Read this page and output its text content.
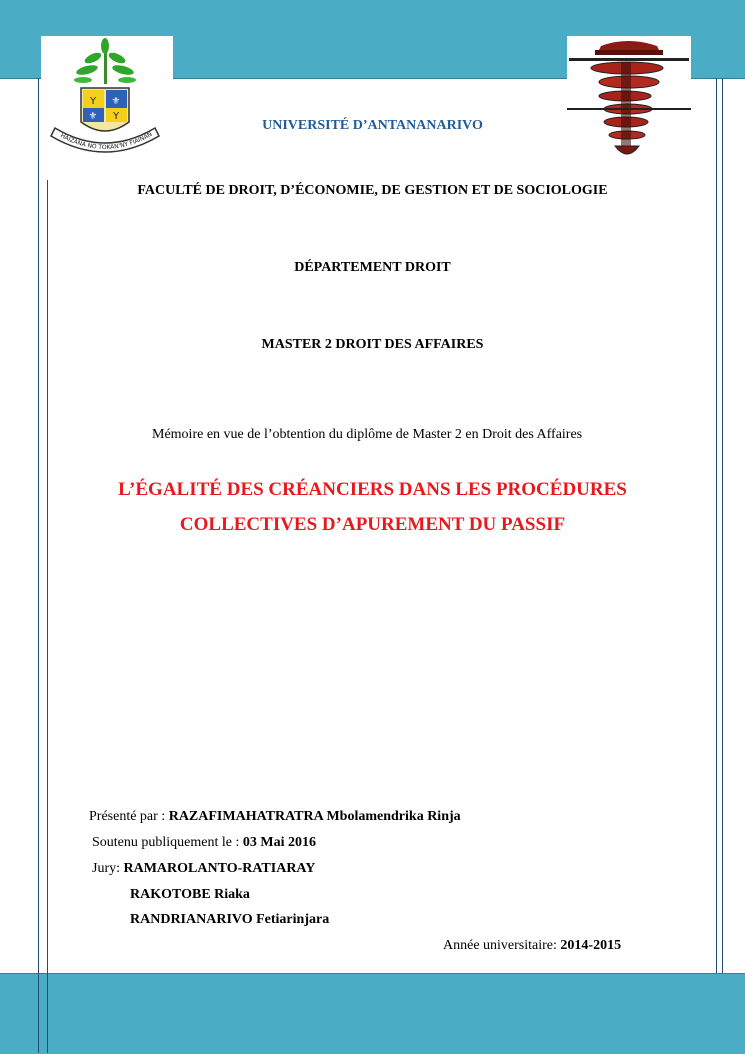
Y ⚜
⚜ Y
HAIZANA NO TOKAN'NY FIAINAN
UNIVERSITÉ D’ANTANANARIVO
FACULTÉ DE DROIT, D’ÉCONOMIE, DE GESTION ET DE SOCIOLOGIE
DÉPARTEMENT DROIT
MASTER 2 DROIT DES AFFAIRES
Mémoire en vue de l’obtention du diplôme de Master 2 en Droit des Affaires
L’ÉGALITÉ DES CRÉANCIERS DANS LES PROCÉDURES
COLLECTIVES D’APUREMENT DU PASSIF
Présenté par : RAZAFIMAHATRATRA Mbolamendrika Rinja
Soutenu publiquement le : 03 Mai 2016
Jury: RAMAROLANTO-RATIARAY
RAKOTOBE Riaka
RANDRIANARIVO Fetiarinjara
Année universitaire: 2014-2015
